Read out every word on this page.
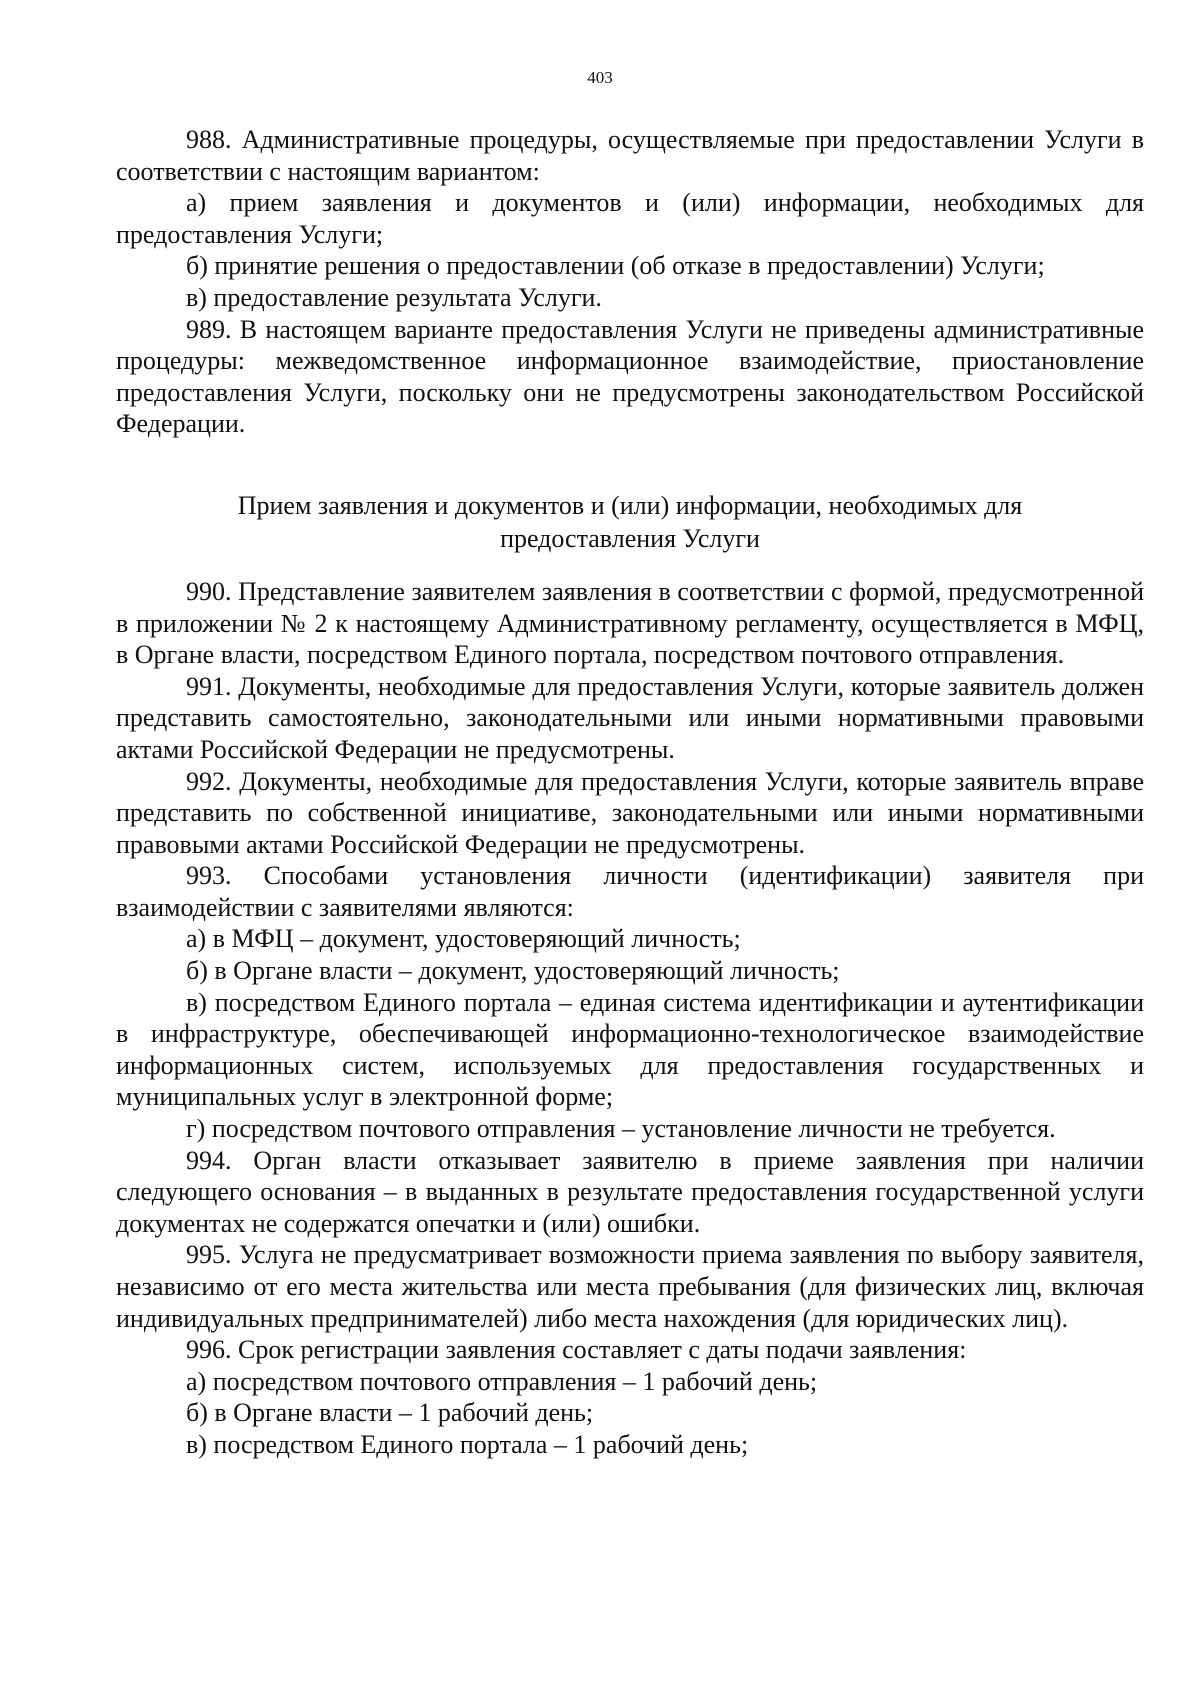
403

988. Административные процедуры, осуществляемые при предоставлении Услуги в соответствии с настоящим вариантом:

а) прием заявления и документов и (или) информации, необходимых для предоставления Услуги;

б) принятие решения о предоставлении (об отказе в предоставлении) Услуги;

в) предоставление результата Услуги.

989. В настоящем варианте предоставления Услуги не приведены административные процедуры: межведомственное информационное взаимодействие, приостановление предоставления Услуги, поскольку они не предусмотрены законодательством Российской Федерации.

Прием заявления и документов и (или) информации, необходимых для

предоставления Услуги

990. Представление заявителем заявления в соответствии с формой, предусмотренной в приложении № 2 к настоящему Административному регламенту, осуществляется в МФЦ, в Органе власти, посредством Единого портала, посредством почтового отправления.

991. Документы, необходимые для предоставления Услуги, которые заявитель должен представить самостоятельно, законодательными или иными нормативными правовыми актами Российской Федерации не предусмотрены.

992. Документы, необходимые для предоставления Услуги, которые заявитель вправе представить по собственной инициативе, законодательными или иными нормативными правовыми актами Российской Федерации не предусмотрены.

993. Способами установления личности (идентификации) заявителя при взаимодействии с заявителями являются:

а) в МФЦ – документ, удостоверяющий личность;

б) в Органе власти – документ, удостоверяющий личность;

в) посредством Единого портала – единая система идентификации и аутентификации в инфраструктуре, обеспечивающей информационно-технологическое взаимодействие информационных систем, используемых для предоставления государственных и муниципальных услуг в электронной форме;

г) посредством почтового отправления – установление личности не требуется.

994. Орган власти отказывает заявителю в приеме заявления при наличии следующего основания – в выданных в результате предоставления государственной услуги документах не содержатся опечатки и (или) ошибки.

995. Услуга не предусматривает возможности приема заявления по выбору заявителя, независимо от его места жительства или места пребывания (для физических лиц, включая индивидуальных предпринимателей) либо места нахождения (для юридических лиц).

996. Срок регистрации заявления составляет с даты подачи заявления:

а) посредством почтового отправления – 1 рабочий день;

б) в Органе власти – 1 рабочий день;

в) посредством Единого портала – 1 рабочий день;
